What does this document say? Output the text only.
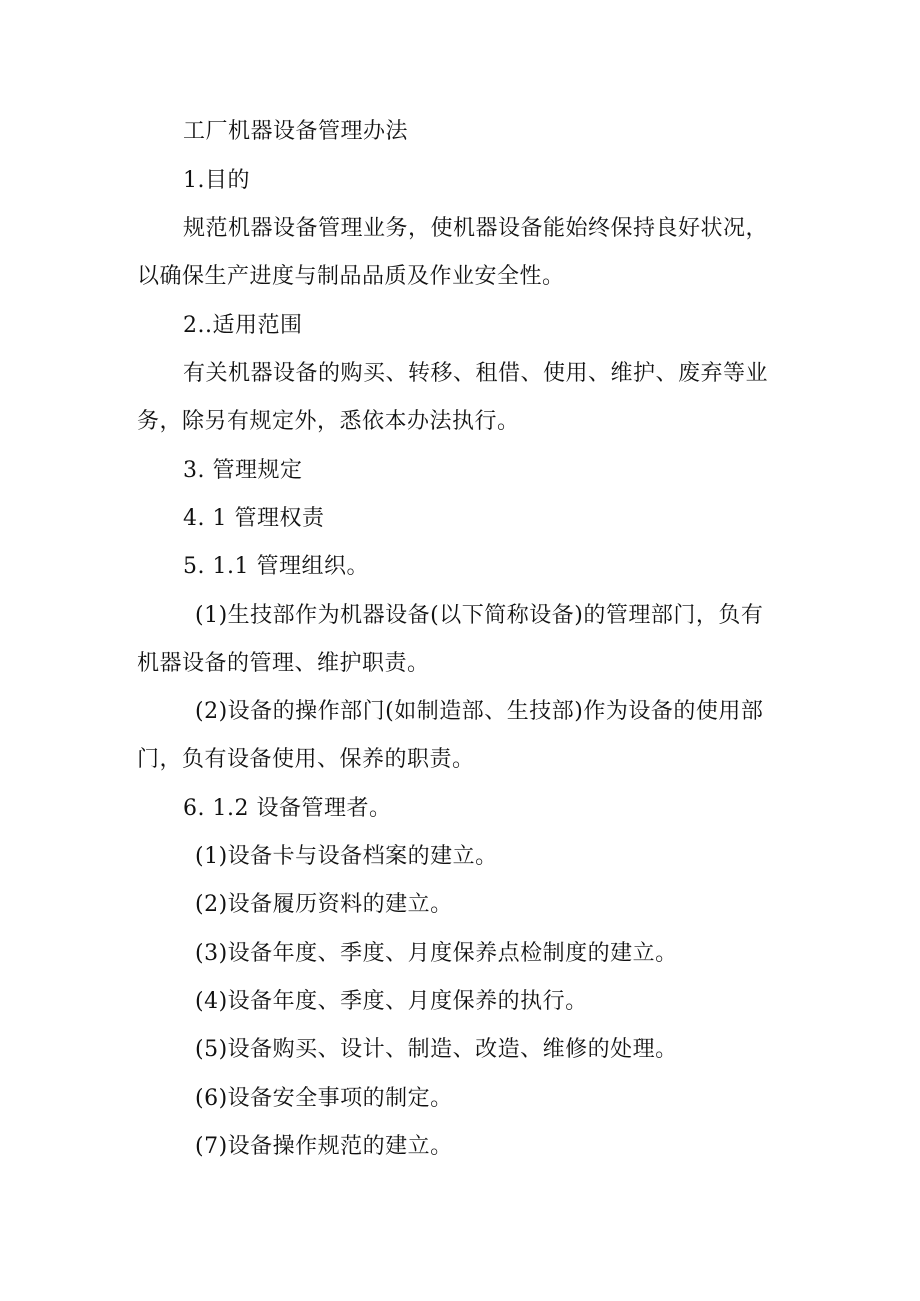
工厂机器设备管理办法
1.目的
规范机器设备管理业务，使机器设备能始终保持良好状况，
以确保生产进度与制品品质及作业安全性。
2..适用范围
有关机器设备的购买、转移、租借、使用、维护、废弃等业
务，除另有规定外，悉依本办法执行。
3. 管理规定
4. 1 管理权责
5. 1.1 管理组织。
(1)生技部作为机器设备(以下简称设备)的管理部门，负有
机器设备的管理、维护职责。
(2)设备的操作部门(如制造部、生技部)作为设备的使用部
门，负有设备使用、保养的职责。
6. 1.2 设备管理者。
(1)设备卡与设备档案的建立。
(2)设备履历资料的建立。
(3)设备年度、季度、月度保养点检制度的建立。
(4)设备年度、季度、月度保养的执行。
(5)设备购买、设计、制造、改造、维修的处理。
(6)设备安全事项的制定。
(7)设备操作规范的建立。
